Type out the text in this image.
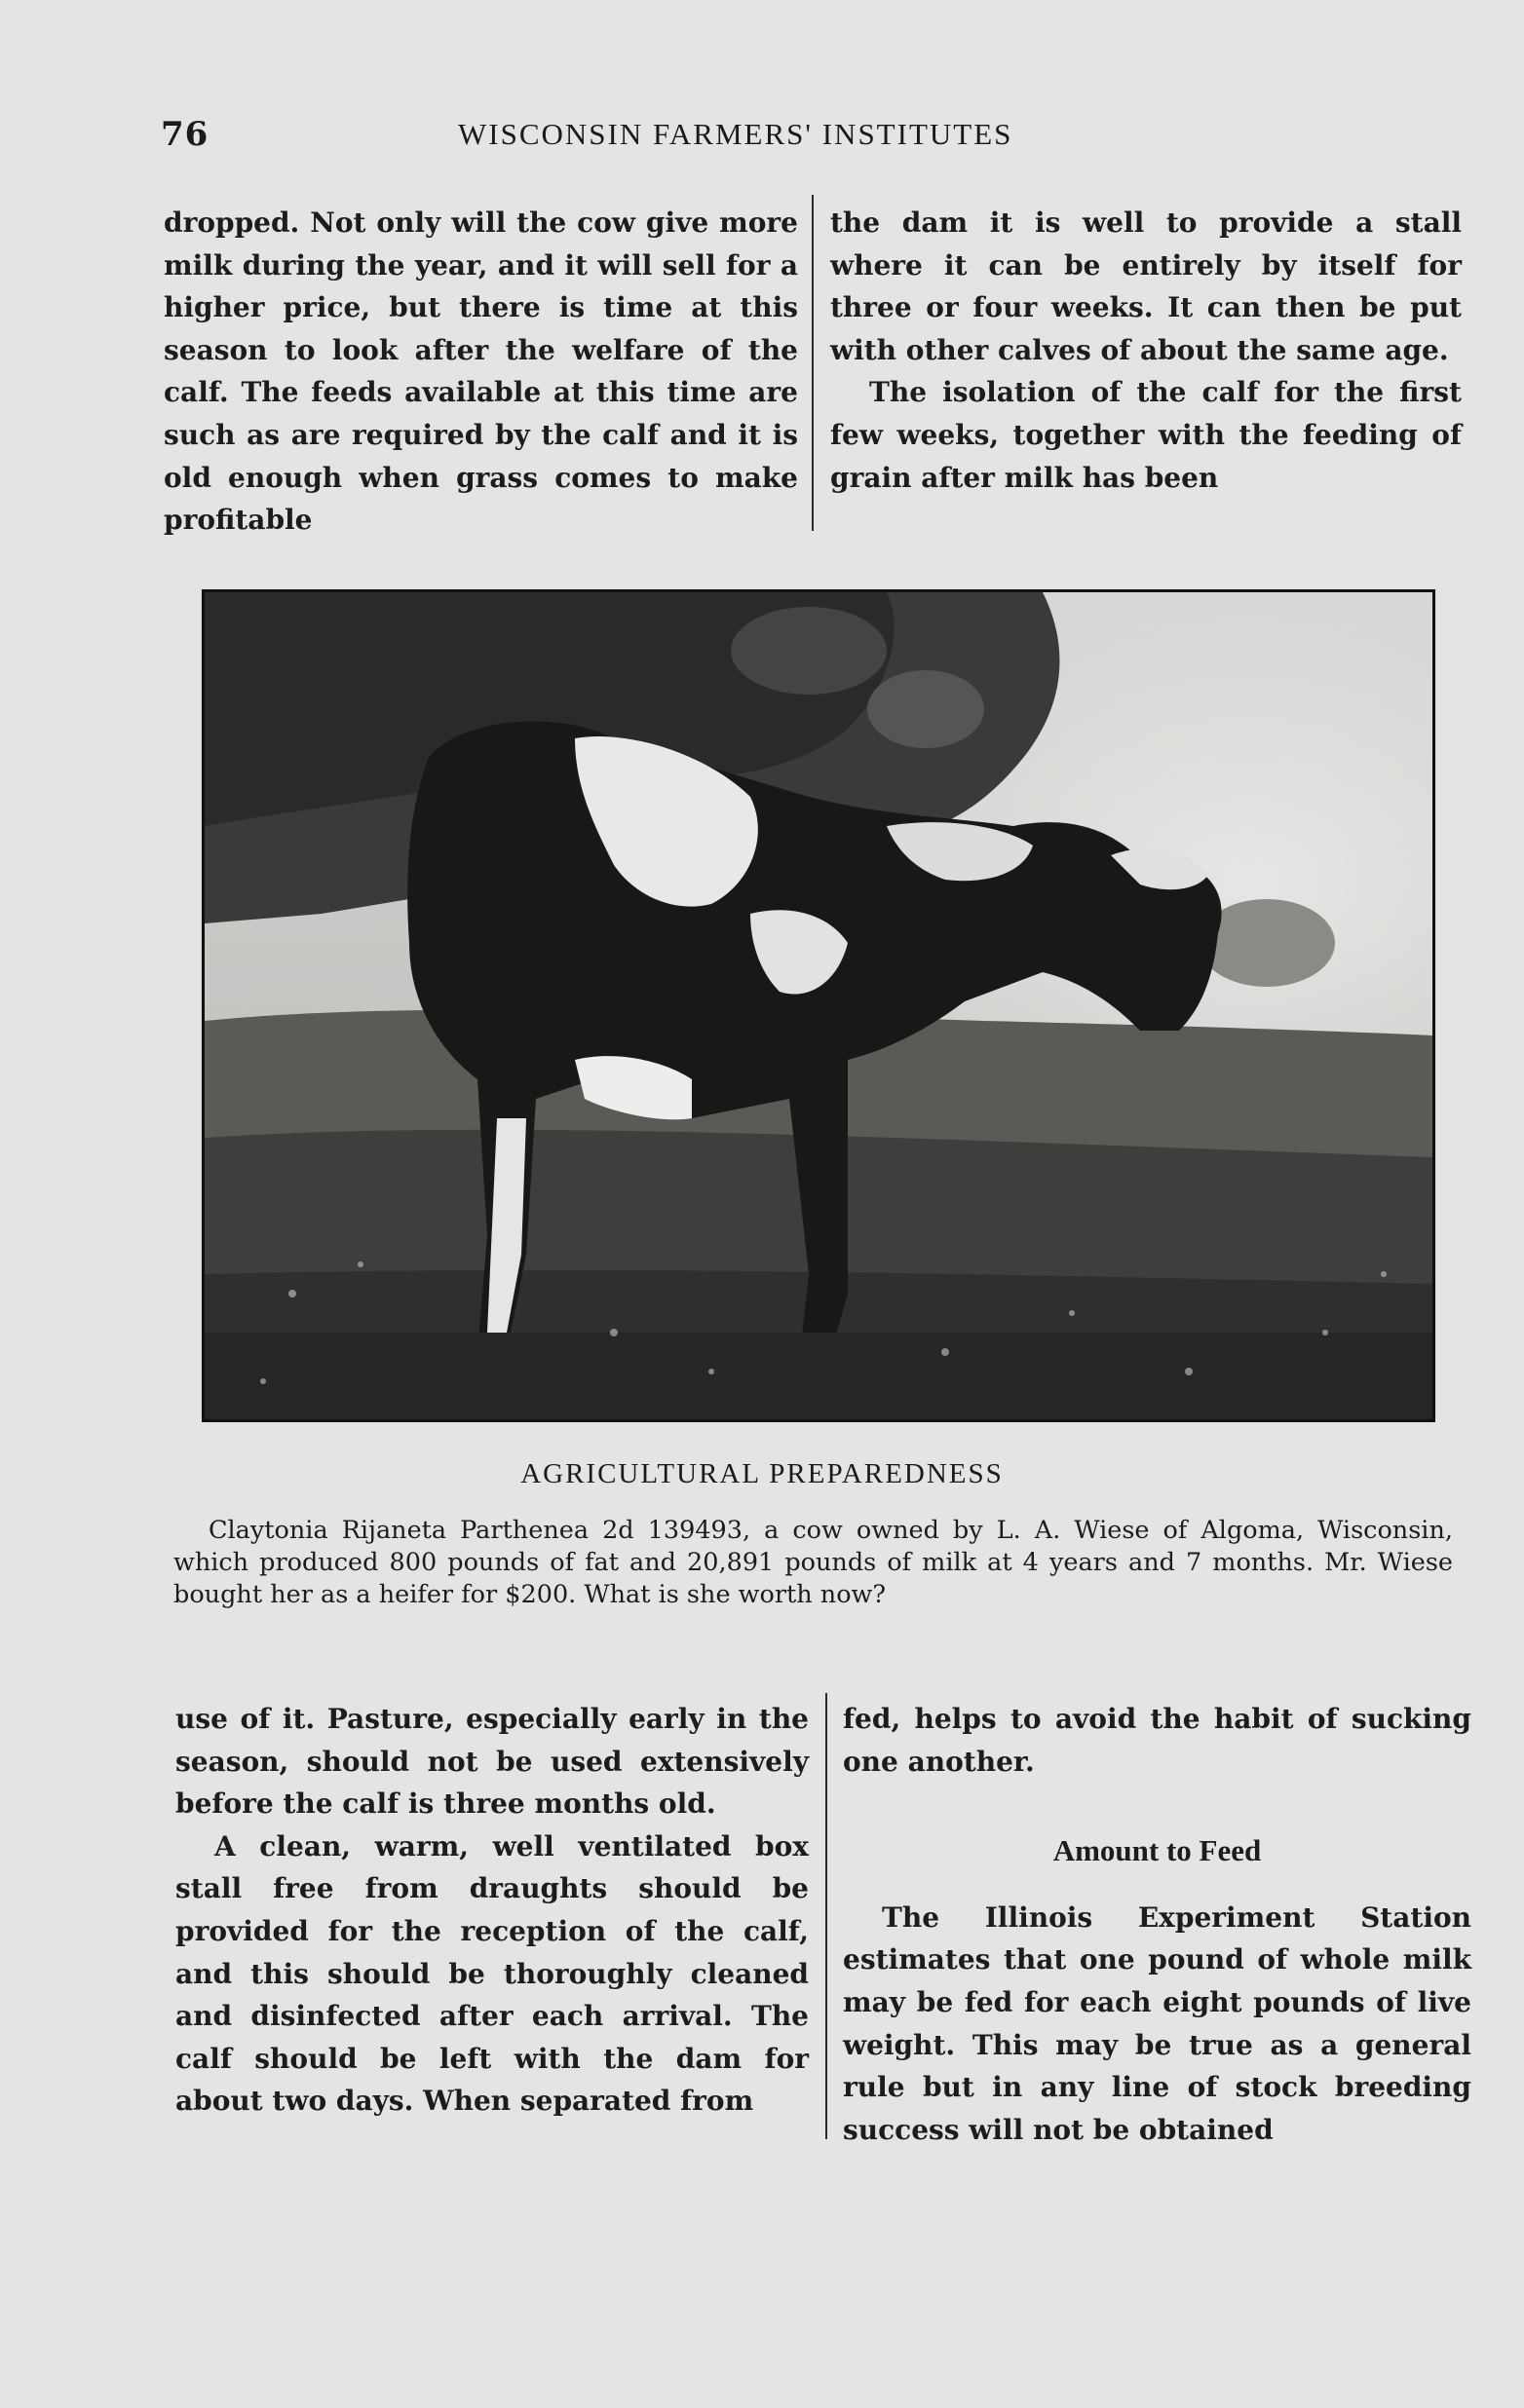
76	WISCONSIN FARMERS' INSTITUTES

dropped. Not only will the cow give more milk during the year, and it will sell for a higher price, but there is time at this season to look after the welfare of the calf. The feeds available at this time are such as are required by the calf and it is old enough when grass comes to make profitable

the dam it is well to provide a stall where it can be entirely by itself for three or four weeks. It can then be put with other calves of about the same age.

The isolation of the calf for the first few weeks, together with the feeding of grain after milk has been

AGRICULTURAL PREPAREDNESS
Claytonia Rijaneta Parthenea 2d 139493, a cow owned by L. A. Wiese of Algoma, Wisconsin, which produced 800 pounds of fat and 20,891 pounds of milk at 4 years and 7 months. Mr. Wiese bought her as a heifer for $200. What is she worth now?

use of it. Pasture, especially early in the season, should not be used extensively before the calf is three months old.

A clean, warm, well ventilated box stall free from draughts should be provided for the reception of the calf, and this should be thoroughly cleaned and disinfected after each arrival. The calf should be left with the dam for about two days. When separated from

fed, helps to avoid the habit of sucking one another.

Amount to Feed

The Illinois Experiment Station estimates that one pound of whole milk may be fed for each eight pounds of live weight. This may be true as a general rule but in any line of stock breeding success will not be obtained
